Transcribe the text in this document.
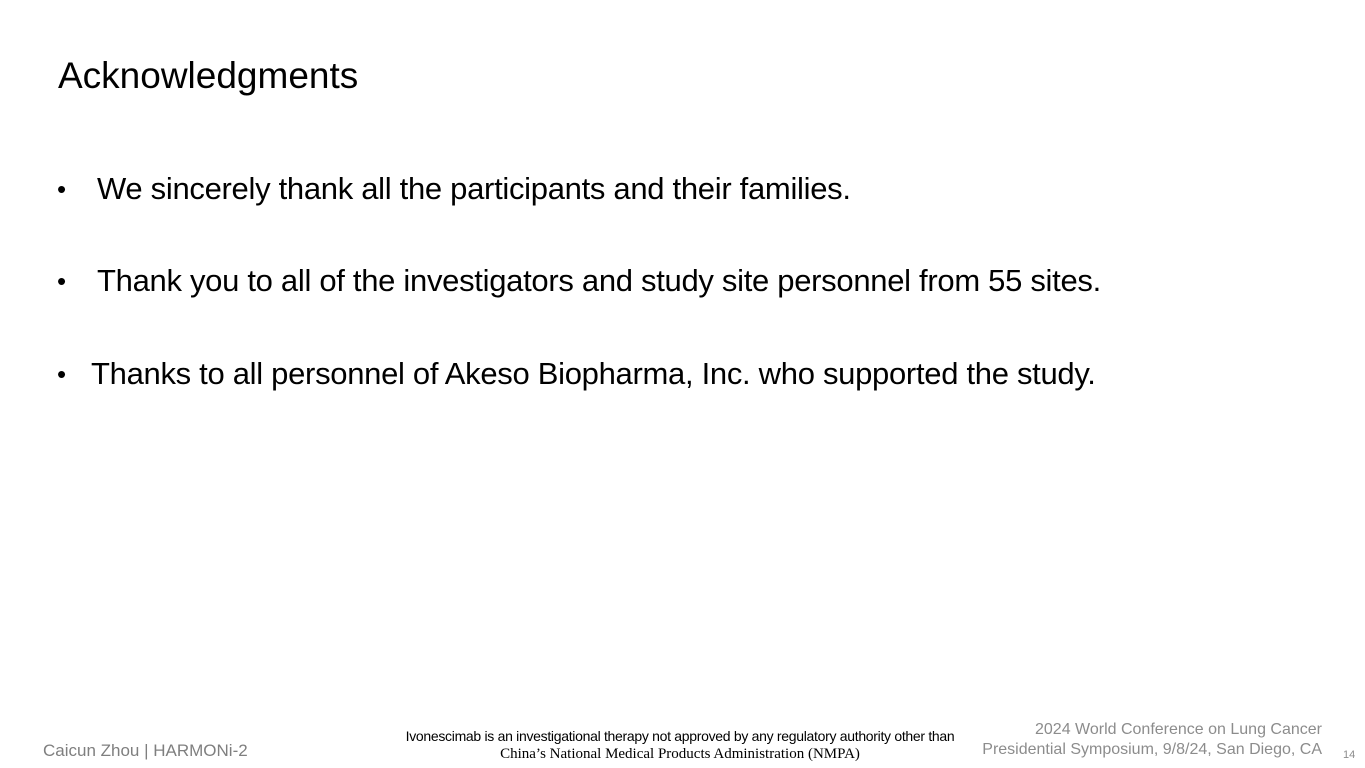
Acknowledgments
• We sincerely thank all the participants and their families.
• Thank you to all of the investigators and study site personnel from 55 sites.
• Thanks to all personnel of Akeso Biopharma, Inc. who supported the study.
Caicun Zhou | HARMONi-2
Ivonescimab is an investigational therapy not approved by any regulatory authority other than
China’s National Medical Products Administration (NMPA)
2024 World Conference on Lung Cancer
Presidential Symposium, 9/8/24, San Diego, CA 14
